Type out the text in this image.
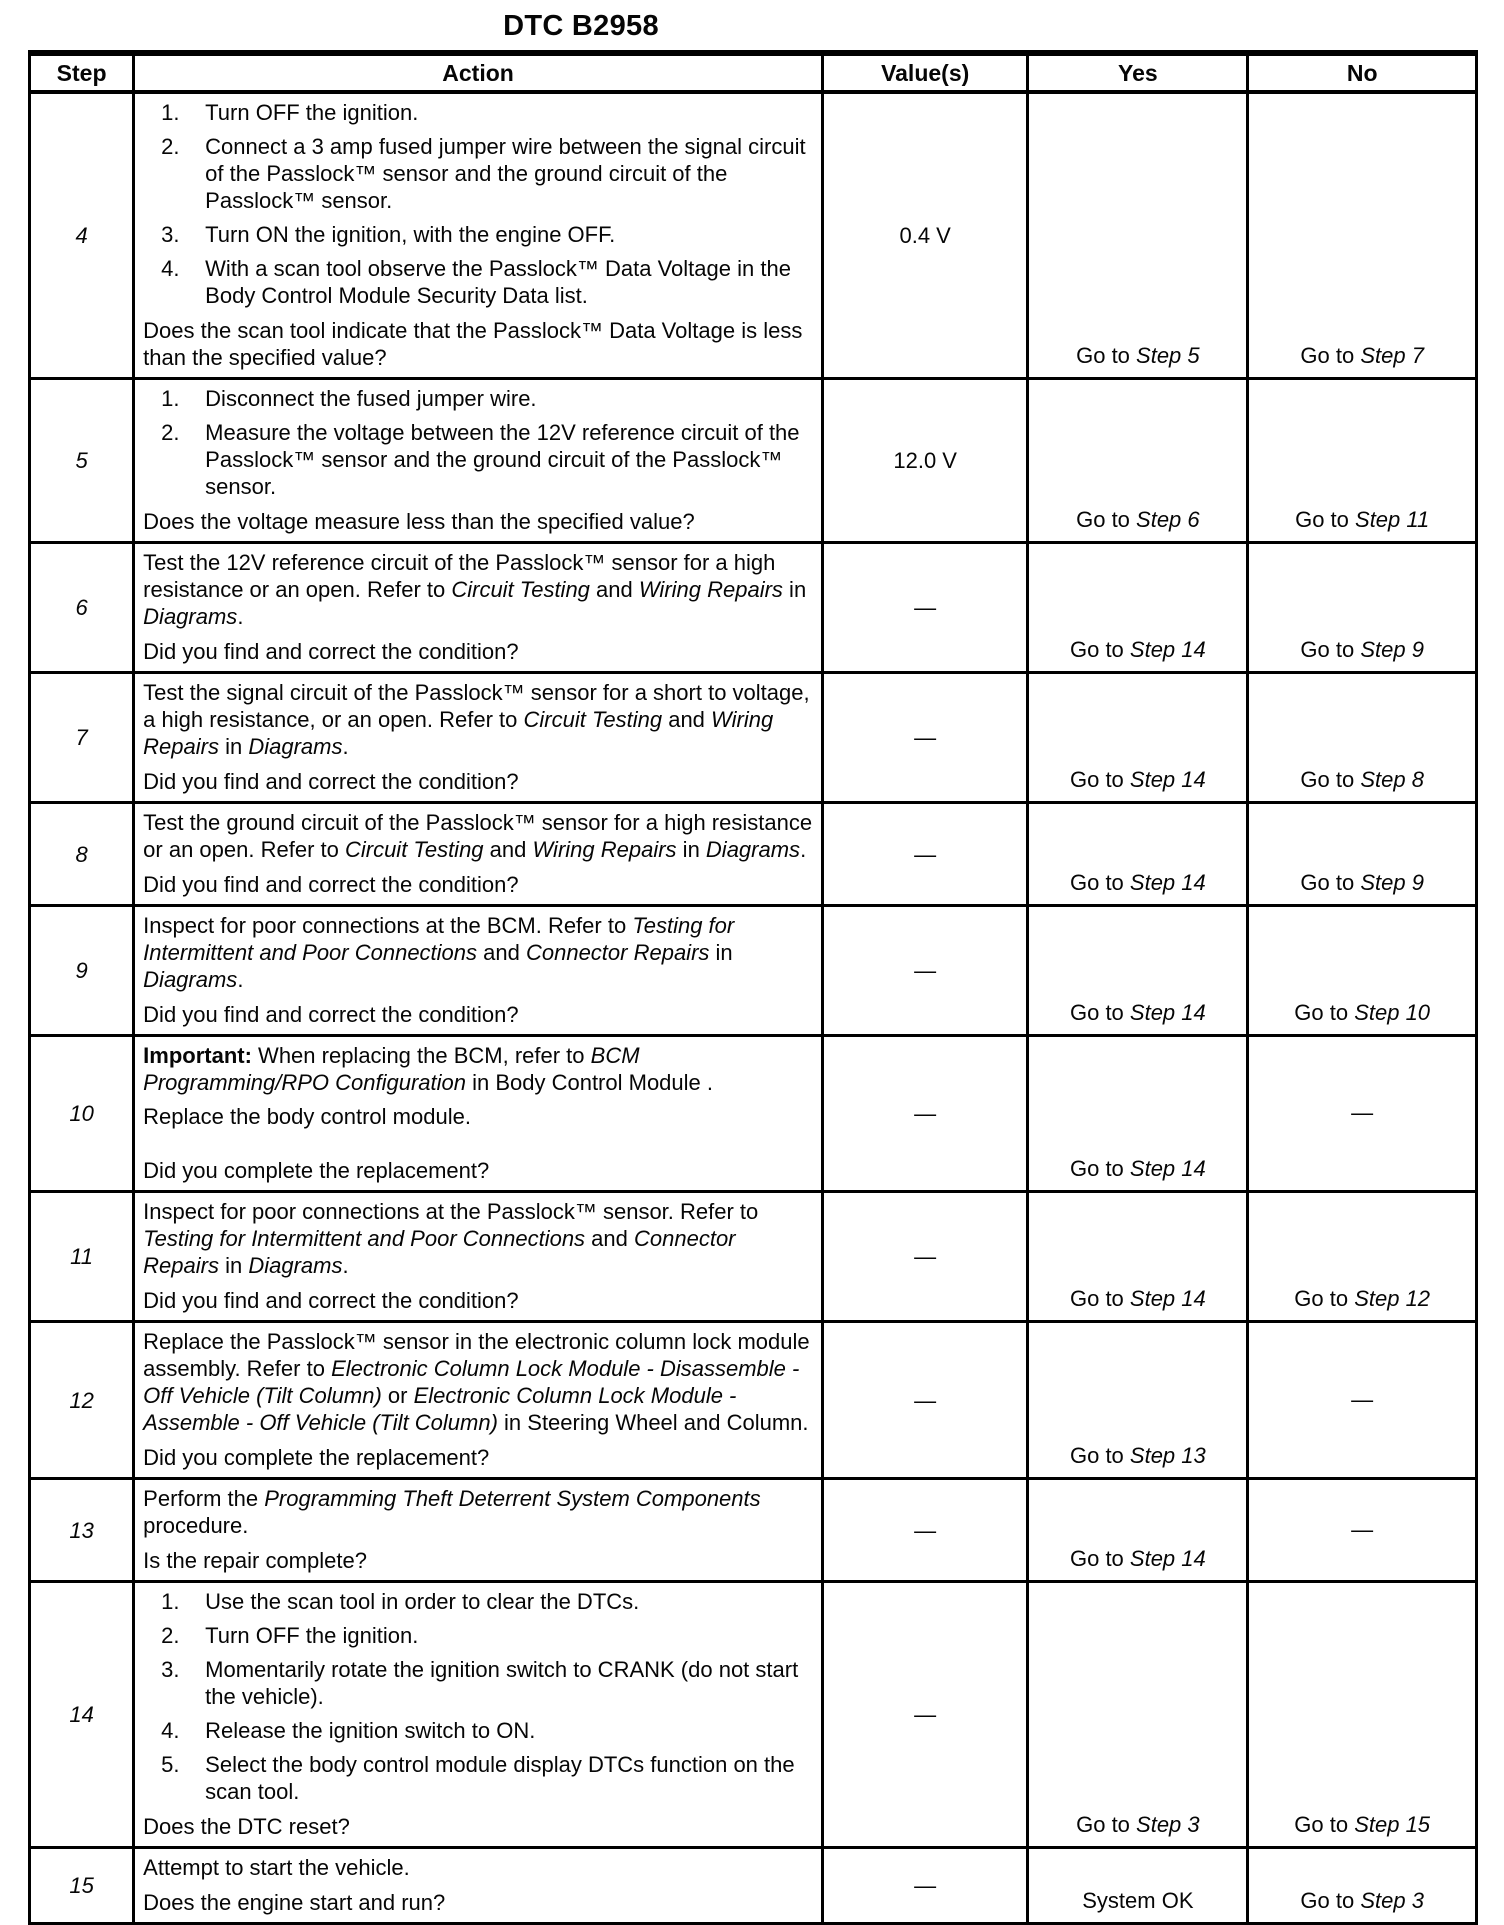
DTC B2958
Step	Action	Value(s)	Yes	No
4	
1.	Turn OFF the ignition.
2.	Connect a 3 amp fused jumper wire between the signal circuit of the Passlock™ sensor and the ground circuit of the Passlock™ sensor.
3.	Turn ON the ignition, with the engine OFF.
4.	With a scan tool observe the Passlock™ Data Voltage in the Body Control Module Security Data list.
Does the scan tool indicate that the Passlock™ Data Voltage is less than the specified value?
	0.4 V	Go to Step 5	Go to Step 7
5	1. Disconnect the fused jumper wire.
2. Measure the voltage between the 12V reference circuit of the Passlock™ sensor and the ground circuit of the Passlock™ sensor.
Does the voltage measure less than the specified value?	12.0 V	Go to Step 6	Go to Step 11
6	Test the 12V reference circuit of the Passlock™ sensor for a high resistance or an open. Refer to Circuit Testing and Wiring Repairs in Diagrams.
Did you find and correct the condition?	—	Go to Step 14	Go to Step 9
7	Test the signal circuit of the Passlock™ sensor for a short to voltage, a high resistance, or an open. Refer to Circuit Testing and Wiring Repairs in Diagrams.
Did you find and correct the condition?	—	Go to Step 14	Go to Step 8
8	Test the ground circuit of the Passlock™ sensor for a high resistance or an open. Refer to Circuit Testing and Wiring Repairs in Diagrams.
Did you find and correct the condition?	—	Go to Step 14	Go to Step 9
9	Inspect for poor connections at the BCM. Refer to Testing for Intermittent and Poor Connections and Connector Repairs in Diagrams.
Did you find and correct the condition?	—	Go to Step 14	Go to Step 10
10	Important: When replacing the BCM, refer to BCM Programming/RPO Configuration in Body Control Module .
Replace the body control module.
Did you complete the replacement?	—	Go to Step 14	—
11	Inspect for poor connections at the Passlock™ sensor. Refer to Testing for Intermittent and Poor Connections and Connector Repairs in Diagrams.
Did you find and correct the condition?	—	Go to Step 14	Go to Step 12
12	Replace the Passlock™ sensor in the electronic column lock module assembly. Refer to Electronic Column Lock Module - Disassemble - Off Vehicle (Tilt Column) or Electronic Column Lock Module - Assemble - Off Vehicle (Tilt Column) in Steering Wheel and Column.
Did you complete the replacement?	—	Go to Step 13	—
13	Perform the Programming Theft Deterrent System Components procedure.
Is the repair complete?	—	Go to Step 14	—
14	
1.	Use the scan tool in order to clear the DTCs.
2.	Turn OFF the ignition.
3.	Momentarily rotate the ignition switch to CRANK (do not start the vehicle).
4.	Release the ignition switch to ON.
5.	Select the body control module display DTCs function on the scan tool.
Does the DTC reset?
	—	Go to Step 3	Go to Step 15
15	Attempt to start the vehicle.
Does the engine start and run?	—	System OK	Go to Step 3
